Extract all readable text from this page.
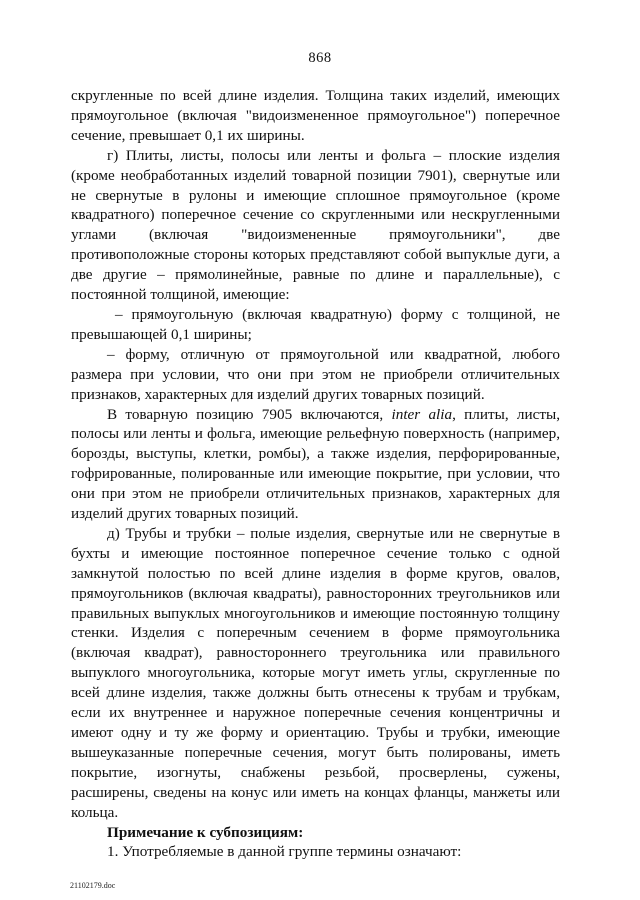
868

скругленные по всей длине изделия. Толщина таких изделий, имеющих прямоугольное (включая "видоизмененное прямоугольное") поперечное сечение, превышает 0,1 их ширины.

г) Плиты, листы, полосы или ленты и фольга – плоские изделия (кроме необработанных изделий товарной позиции 7901), свернутые или не свернутые в рулоны и имеющие сплошное прямоугольное (кроме квадратного) поперечное сечение со скругленными или нескругленными углами (включая "видоизмененные прямоугольники", две противоположные стороны которых представляют собой выпуклые дуги, а две другие – прямолинейные, равные по длине и параллельные), с постоянной толщиной, имеющие:

– прямоугольную (включая квадратную) форму с толщиной, не превышающей 0,1 ширины;

– форму, отличную от прямоугольной или квадратной, любого размера при условии, что они при этом не приобрели отличительных признаков, характерных для изделий других товарных позиций.

В товарную позицию 7905 включаются, inter alia, плиты, листы, полосы или ленты и фольга, имеющие рельефную поверхность (например, борозды, выступы, клетки, ромбы), а также изделия, перфорированные, гофрированные, полированные или имеющие покрытие, при условии, что они при этом не приобрели отличительных признаков, характерных для изделий других товарных позиций.

д) Трубы и трубки – полые изделия, свернутые или не свернутые в бухты и имеющие постоянное поперечное сечение только с одной замкнутой полостью по всей длине изделия в форме кругов, овалов, прямоугольников (включая квадраты), равносторонних треугольников или правильных выпуклых многоугольников и имеющие постоянную толщину стенки. Изделия с поперечным сечением в форме прямоугольника (включая квадрат), равностороннего треугольника или правильного выпуклого многоугольника, которые могут иметь углы, скругленные по всей длине изделия, также должны быть отнесены к трубам и трубкам, если их внутреннее и наружное поперечные сечения концентричны и имеют одну и ту же форму и ориентацию. Трубы и трубки, имеющие вышеуказанные поперечные сечения, могут быть полированы, иметь покрытие, изогнуты, снабжены резьбой, просверлены, сужены, расширены, сведены на конус или иметь на концах фланцы, манжеты или кольца.

Примечание к субпозициям:

1. Употребляемые в данной группе термины означают:

21102179.doc
